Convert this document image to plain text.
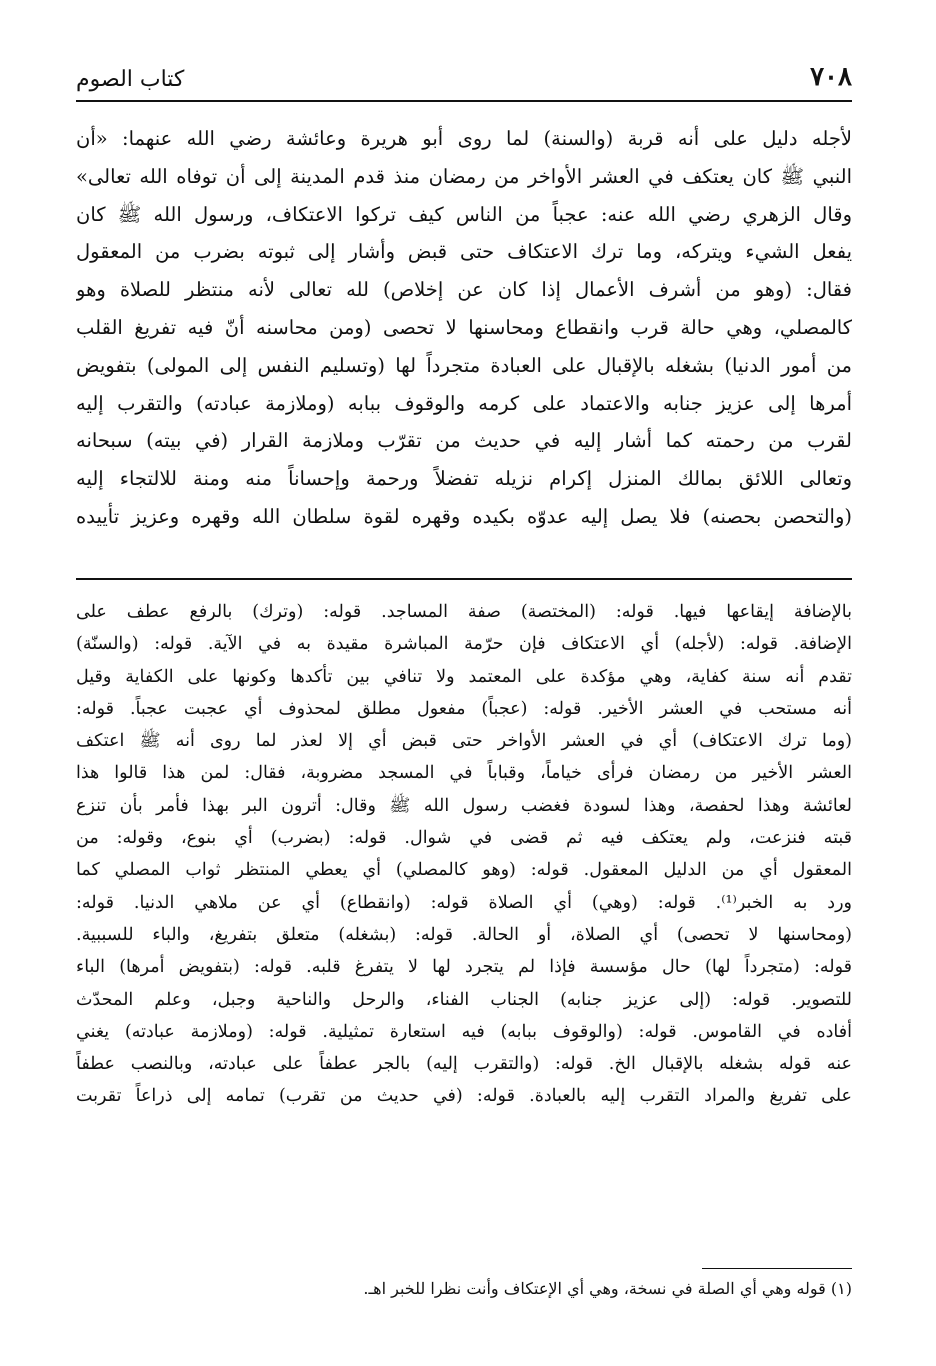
٧٠٨
كتاب الصوم
لأجله دليل على أنه قربة (والسنة) لما روى أبو هريرة وعائشة رضي الله عنهما: «أن
النبي ﷺ كان يعتكف في العشر الأواخر من رمضان منذ قدم المدينة إلى أن توفاه الله تعالى»
وقال الزهري رضي الله عنه: عجباً من الناس كيف تركوا الاعتكاف، ورسول الله ﷺ كان
يفعل الشيء ويتركه، وما ترك الاعتكاف حتى قبض وأشار إلى ثبوته بضرب من المعقول
فقال: (وهو من أشرف الأعمال إذا كان عن إخلاص) لله تعالى لأنه منتظر للصلاة وهو
كالمصلي، وهي حالة قرب وانقطاع ومحاسنها لا تحصى (ومن محاسنه أنّ فيه تفريغ القلب
من أمور الدنيا) بشغله بالإقبال على العبادة متجرداً لها (وتسليم النفس إلى المولى) بتفويض
أمرها إلى عزيز جنابه والاعتماد على كرمه والوقوف ببابه (وملازمة عبادته) والتقرب إليه
لقرب من رحمته كما أشار إليه في حديث من تقرّب وملازمة القرار (في بيته) سبحانه
وتعالى اللائق بمالك المنزل إكرام نزيله تفضلاً ورحمة وإحساناً منه ومنة للالتجاء إليه
(والتحصن بحصنه) فلا يصل إليه عدوّه بكيده وقهره لقوة سلطان الله وقهره وعزيز تأييده
بالإضافة إيقاعها فيها. قوله: (المختصة) صفة المساجد. قوله: (وترك) بالرفع عطف على
الإضافة. قوله: (لأجله) أي الاعتكاف فإن حرّمة المباشرة مقيدة به في الآية. قوله: (والسنّة)
تقدم أنه سنة كفاية، وهي مؤكدة على المعتمد ولا تنافي بين تأكدها وكونها على الكفاية وقيل
أنه مستحب في العشر الأخير. قوله: (عجباً) مفعول مطلق لمحذوف أي عجبت عجباً. قوله:
(وما ترك الاعتكاف) أي في العشر الأواخر حتى قبض أي إلا لعذر لما روى أنه ﷺ اعتكف
العشر الأخير من رمضان فرأى خياماً، وقباباً في المسجد مضروبة، فقال: لمن هذا قالوا هذا
لعائشة وهذا لحفصة، وهذا لسودة فغضب رسول الله ﷺ وقال: أترون البر بهذا فأمر بأن تنزع
قبته فنزعت، ولم يعتكف فيه ثم قضى في شوال. قوله: (بضرب) أي بنوع، وقوله: من
المعقول أي من الدليل المعقول. قوله: (وهو كالمصلي) أي يعطي المنتظر ثواب المصلي كما
ورد به الخبر⁽¹⁾. قوله: (وهي) أي الصلاة قوله: (وانقطاع) أي عن ملاهي الدنيا. قوله:
(ومحاسنها لا تحصى) أي الصلاة، أو الحالة. قوله: (بشغله) متعلق بتفريغ، والباء للسببية.
قوله: (متجرداً لها) حال مؤسسة فإذا لم يتجرد لها لا يتفرغ قلبه. قوله: (بتفويض أمرها) الباء
للتصوير. قوله: (إلى عزيز جنابه) الجناب الفناء، والرحل والناحية وجبل، وعلم المحدّث
أفاده في القاموس. قوله: (والوقوف ببابه) فيه استعارة تمثيلية. قوله: (وملازمة عبادته) يغني
عنه قوله بشغله بالإقبال الخ. قوله: (والتقرب إليه) بالجر عطفاً على عبادته، وبالنصب عطفاً
على تفريغ والمراد التقرب إليه بالعبادة. قوله: (في حديث من تقرب) تمامه إلى ذراعاً تقربت
(١) قوله وهي أي الصلة في نسخة، وهي أي الإعتكاف وأنت نظرا للخبر اهـ.
